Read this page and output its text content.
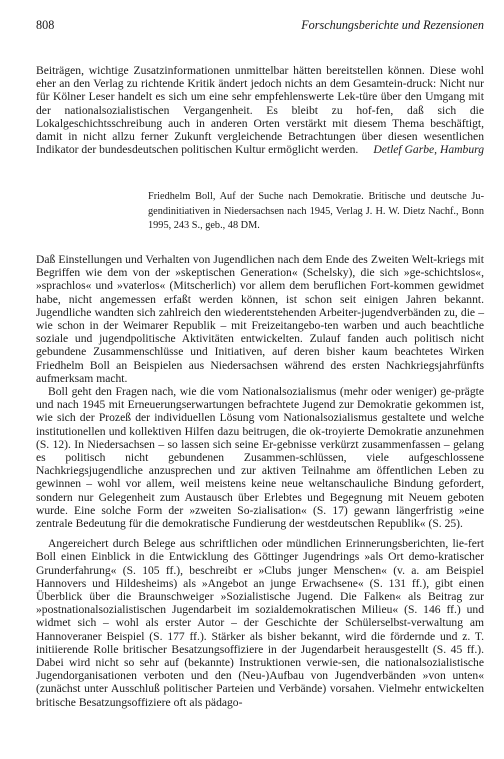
808	Forschungsberichte und Rezensionen

Beiträgen, wichtige Zusatzinformationen unmittelbar hätten bereitstellen können. Diese wohl eher an den Verlag zu richtende Kritik ändert jedoch nichts an dem Gesamtein-druck: Nicht nur für Kölner Leser handelt es sich um eine sehr empfehlenswerte Lek-türe über den Umgang mit der nationalsozialistischen Vergangenheit. Es bleibt zu hof-fen, daß sich die Lokalgeschichtsschreibung auch in anderen Orten verstärkt mit diesem Thema beschäftigt, damit in nicht allzu ferner Zukunft vergleichende Betrachtungen über diesen wesentlichen Indikator der bundesdeutschen politischen Kultur ermöglicht werden. Detlef Garbe, Hamburg

Friedhelm Boll, Auf der Suche nach Demokratie. Britische und deutsche Ju-gendinitiativen in Niedersachsen nach 1945, Verlag J. H. W. Dietz Nachf., Bonn 1995, 243 S., geb., 48 DM.

Daß Einstellungen und Verhalten von Jugendlichen nach dem Ende des Zweiten Welt-kriegs mit Begriffen wie dem von der »skeptischen Generation« (Schelsky), die sich »ge-schichtslos«, »sprachlos« und »vaterlos« (Mitscherlich) vor allem dem beruflichen Fort-kommen gewidmet habe, nicht angemessen erfaßt werden können, ist schon seit einigen Jahren bekannt. Jugendliche wandten sich zahlreich den wiederentstehenden Arbeiter-jugendverbänden zu, die – wie schon in der Weimarer Republik – mit Freizeitangebo-ten warben und auch beachtliche soziale und jugendpolitische Aktivitäten entwickelten. Zulauf fanden auch politisch nicht gebundene Zusammenschlüsse und Initiativen, auf deren bisher kaum beachtetes Wirken Friedhelm Boll an Beispielen aus Niedersachsen während des ersten Nachkriegsjahrfünfts aufmerksam macht.

Boll geht den Fragen nach, wie die vom Nationalsozialismus (mehr oder weniger) ge-prägte und nach 1945 mit Erneuerungserwartungen befrachtete Jugend zur Demokratie gekommen ist, wie sich der Prozeß der individuellen Lösung vom Nationalsozialismus gestaltete und welche institutionellen und kollektiven Hilfen dazu beitrugen, die ok-troyierte Demokratie anzunehmen (S. 12). In Niedersachsen – so lassen sich seine Er-gebnisse verkürzt zusammenfassen – gelang es politisch nicht gebundenen Zusammen-schlüssen, viele aufgeschlossene Nachkriegsjugendliche anzusprechen und zur aktiven Teilnahme am öffentlichen Leben zu gewinnen – wohl vor allem, weil meistens keine neue weltanschauliche Bindung gefordert, sondern nur Gelegenheit zum Austausch über Erlebtes und Begegnung mit Neuem geboten wurde. Eine solche Form der »zweiten So-zialisation« (S. 17) gewann längerfristig »eine zentrale Bedeutung für die demokratische Fundierung der westdeutschen Republik« (S. 25).

Angereichert durch Belege aus schriftlichen oder mündlichen Erinnerungsberichten, lie-fert Boll einen Einblick in die Entwicklung des Göttinger Jugendrings »als Ort demo-kratischer Grunderfahrung« (S. 105 ff.), beschreibt er »Clubs junger Menschen« (v. a. am Beispiel Hannovers und Hildesheims) als »Angebot an junge Erwachsene« (S. 131 ff.), gibt einen Überblick über die Braunschweiger »Sozialistische Jugend. Die Falken« als Beitrag zur »postnationalsozialistischen Jugendarbeit im sozialdemokratischen Milieu« (S. 146 ff.) und widmet sich – wohl als erster Autor – der Geschichte der Schülerselbst-verwaltung am Hannoveraner Beispiel (S. 177 ff.). Stärker als bisher bekannt, wird die fördernde und z. T. initiierende Rolle britischer Besatzungsoffiziere in der Jugendarbeit herausgestellt (S. 45 ff.). Dabei wird nicht so sehr auf (bekannte) Instruktionen verwie-sen, die nationalsozialistische Jugendorganisationen verboten und den (Neu-)Aufbau von Jugendverbänden »von unten« (zunächst unter Ausschluß politischer Parteien und Verbände) vorsahen. Vielmehr entwickelten britische Besatzungsoffiziere oft als pädago-
